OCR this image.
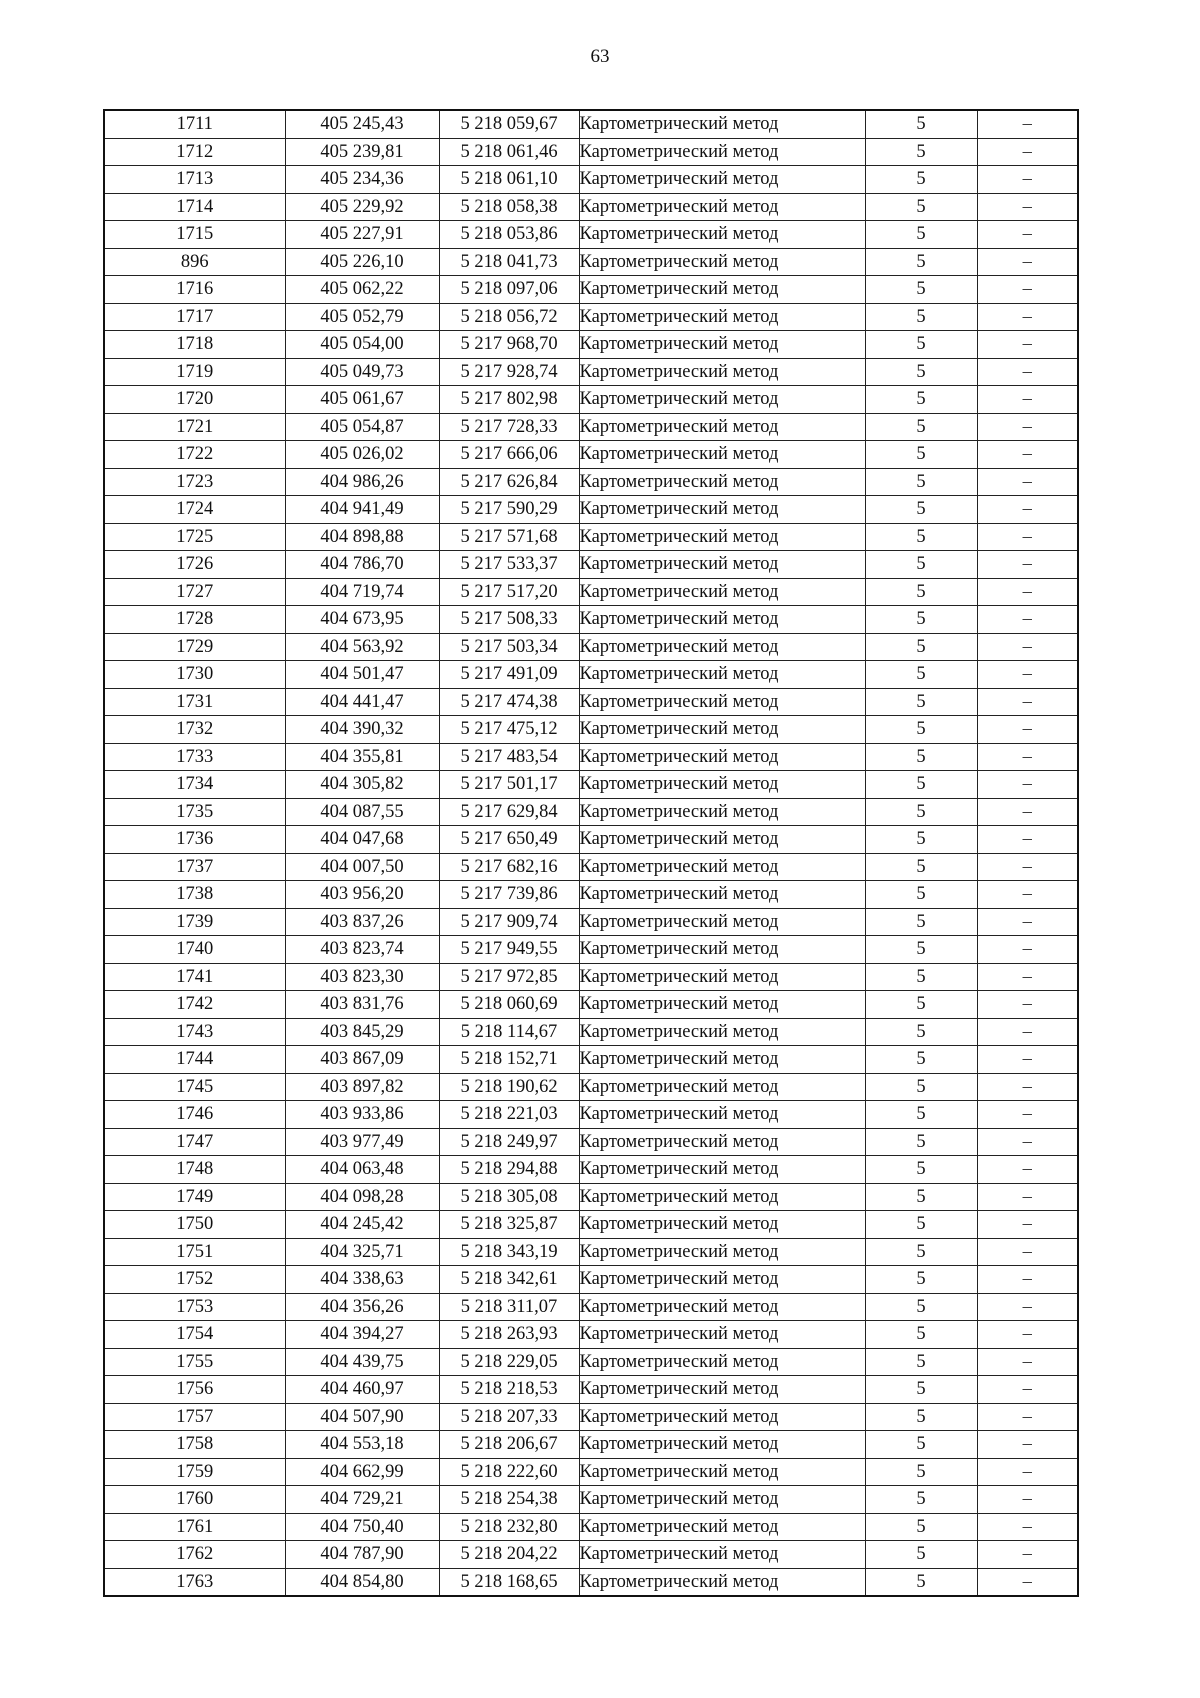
63
1711	405 245,43	5 218 059,67	Картометрический метод	5	–
1712	405 239,81	5 218 061,46	Картометрический метод	5	–
1713	405 234,36	5 218 061,10	Картометрический метод	5	–
1714	405 229,92	5 218 058,38	Картометрический метод	5	–
1715	405 227,91	5 218 053,86	Картометрический метод	5	–
896	405 226,10	5 218 041,73	Картометрический метод	5	–
1716	405 062,22	5 218 097,06	Картометрический метод	5	–
1717	405 052,79	5 218 056,72	Картометрический метод	5	–
1718	405 054,00	5 217 968,70	Картометрический метод	5	–
1719	405 049,73	5 217 928,74	Картометрический метод	5	–
1720	405 061,67	5 217 802,98	Картометрический метод	5	–
1721	405 054,87	5 217 728,33	Картометрический метод	5	–
1722	405 026,02	5 217 666,06	Картометрический метод	5	–
1723	404 986,26	5 217 626,84	Картометрический метод	5	–
1724	404 941,49	5 217 590,29	Картометрический метод	5	–
1725	404 898,88	5 217 571,68	Картометрический метод	5	–
1726	404 786,70	5 217 533,37	Картометрический метод	5	–
1727	404 719,74	5 217 517,20	Картометрический метод	5	–
1728	404 673,95	5 217 508,33	Картометрический метод	5	–
1729	404 563,92	5 217 503,34	Картометрический метод	5	–
1730	404 501,47	5 217 491,09	Картометрический метод	5	–
1731	404 441,47	5 217 474,38	Картометрический метод	5	–
1732	404 390,32	5 217 475,12	Картометрический метод	5	–
1733	404 355,81	5 217 483,54	Картометрический метод	5	–
1734	404 305,82	5 217 501,17	Картометрический метод	5	–
1735	404 087,55	5 217 629,84	Картометрический метод	5	–
1736	404 047,68	5 217 650,49	Картометрический метод	5	–
1737	404 007,50	5 217 682,16	Картометрический метод	5	–
1738	403 956,20	5 217 739,86	Картометрический метод	5	–
1739	403 837,26	5 217 909,74	Картометрический метод	5	–
1740	403 823,74	5 217 949,55	Картометрический метод	5	–
1741	403 823,30	5 217 972,85	Картометрический метод	5	–
1742	403 831,76	5 218 060,69	Картометрический метод	5	–
1743	403 845,29	5 218 114,67	Картометрический метод	5	–
1744	403 867,09	5 218 152,71	Картометрический метод	5	–
1745	403 897,82	5 218 190,62	Картометрический метод	5	–
1746	403 933,86	5 218 221,03	Картометрический метод	5	–
1747	403 977,49	5 218 249,97	Картометрический метод	5	–
1748	404 063,48	5 218 294,88	Картометрический метод	5	–
1749	404 098,28	5 218 305,08	Картометрический метод	5	–
1750	404 245,42	5 218 325,87	Картометрический метод	5	–
1751	404 325,71	5 218 343,19	Картометрический метод	5	–
1752	404 338,63	5 218 342,61	Картометрический метод	5	–
1753	404 356,26	5 218 311,07	Картометрический метод	5	–
1754	404 394,27	5 218 263,93	Картометрический метод	5	–
1755	404 439,75	5 218 229,05	Картометрический метод	5	–
1756	404 460,97	5 218 218,53	Картометрический метод	5	–
1757	404 507,90	5 218 207,33	Картометрический метод	5	–
1758	404 553,18	5 218 206,67	Картометрический метод	5	–
1759	404 662,99	5 218 222,60	Картометрический метод	5	–
1760	404 729,21	5 218 254,38	Картометрический метод	5	–
1761	404 750,40	5 218 232,80	Картометрический метод	5	–
1762	404 787,90	5 218 204,22	Картометрический метод	5	–
1763	404 854,80	5 218 168,65	Картометрический метод	5	–
